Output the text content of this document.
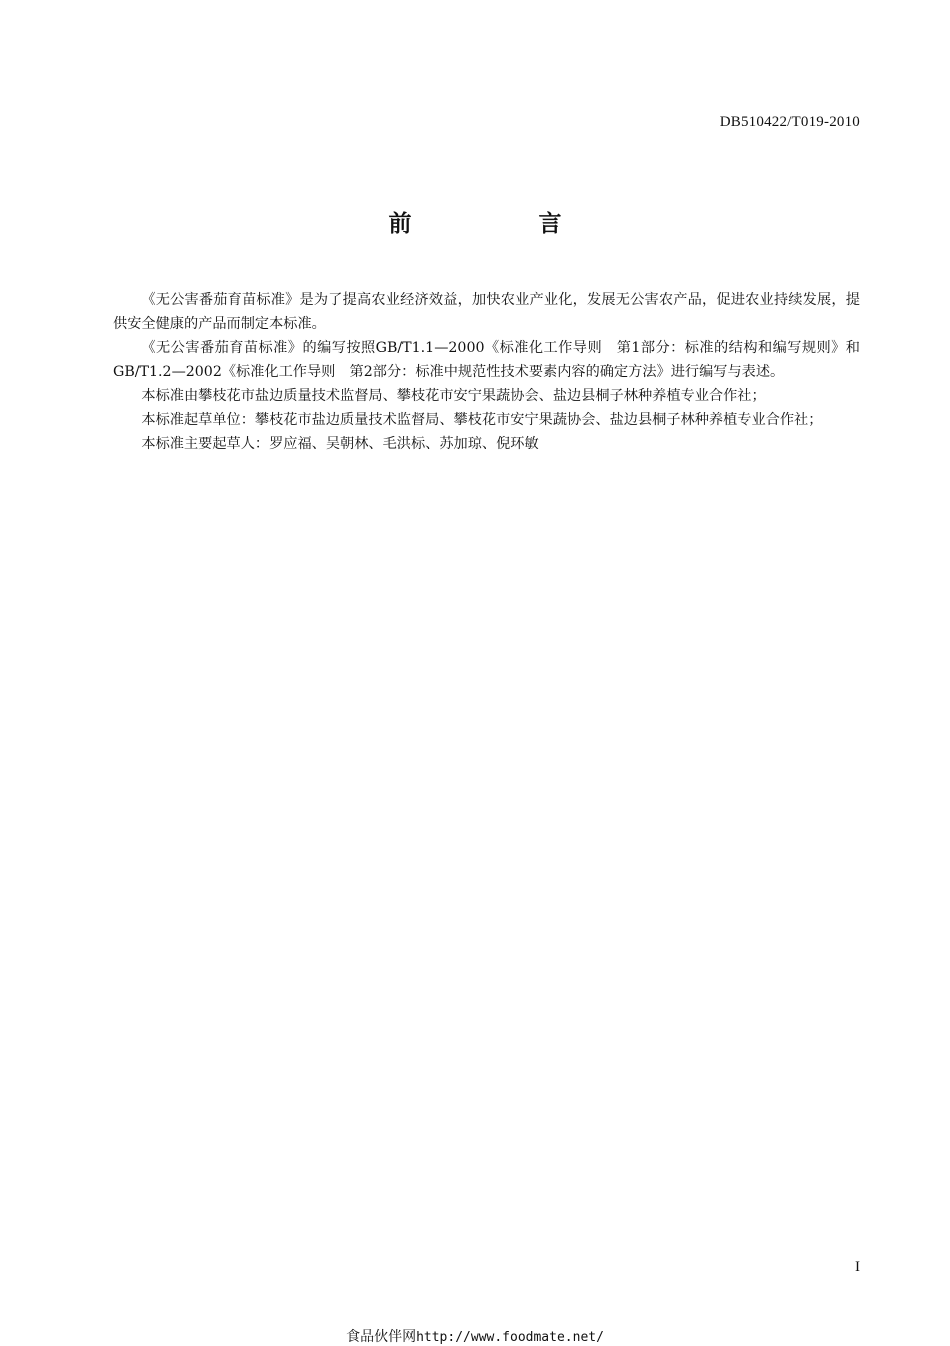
DB510422/T019-2010
前　言

《无公害番茄育苗标准》是为了提高农业经济效益，加快农业产业化，发展无公害农产品，促进农业持续发展，提供安全健康的产品而制定本标准。

《无公害番茄育苗标准》的编写按照GB/T1.1—2000《标准化工作导则　第1部分：标准的结构和编写规则》和GB/T1.2—2002《标准化工作导则　第2部分：标准中规范性技术要素内容的确定方法》进行编写与表述。

本标准由攀枝花市盐边质量技术监督局、攀枝花市安宁果蔬协会、盐边县桐子林种养植专业合作社；

本标准起草单位：攀枝花市盐边质量技术监督局、攀枝花市安宁果蔬协会、盐边县桐子林种养植专业合作社；

本标准主要起草人：罗应福、吴朝林、毛洪标、苏加琼、倪环敏

I
食品伙伴网http://www.foodmate.net/
